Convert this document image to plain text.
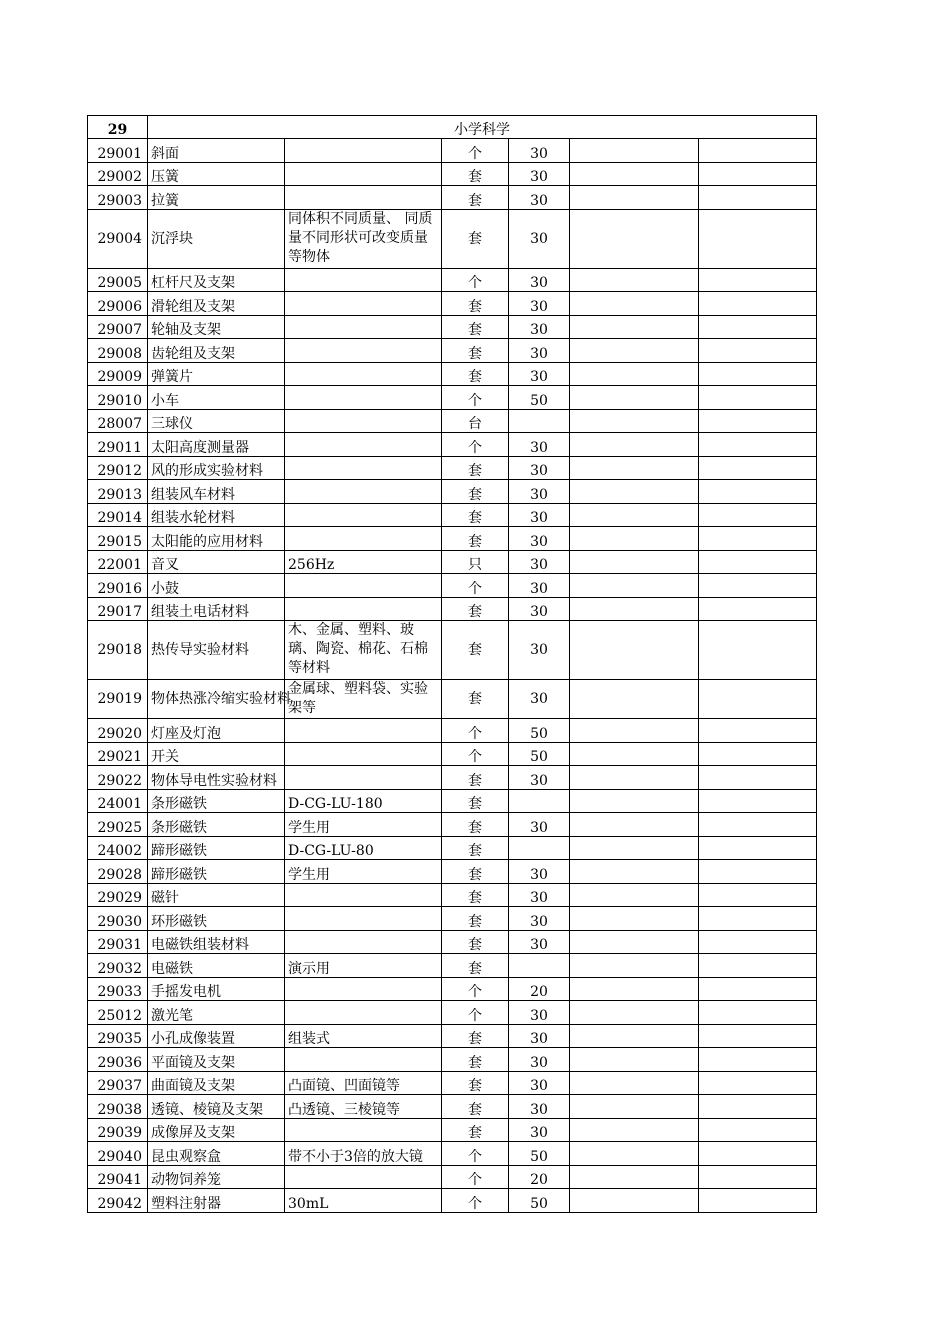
29	小学科学					
29001	斜面		个	30		
29002	压簧		套	30		
29003	拉簧		套	30		
29004	沉浮块	同体积不同质量、 同质量不同形状可改变质量等物体	套	30		
29005	杠杆尺及支架		个	30		
29006	滑轮组及支架		套	30		
29007	轮轴及支架		套	30		
29008	齿轮组及支架		套	30		
29009	弹簧片		套	30		
29010	小车		个	50		
28007	三球仪		台			
29011	太阳高度测量器		个	30		
29012	风的形成实验材料		套	30		
29013	组装风车材料		套	30		
29014	组装水轮材料		套	30		
29015	太阳能的应用材料		套	30		
22001	音叉	256Hz	只	30		
29016	小鼓		个	30		
29017	组装土电话材料		套	30		
29018	热传导实验材料	木、金属、塑料、玻璃、陶瓷、棉花、石棉等材料	套	30		
29019	物体热涨冷缩实验材料	金属球、塑料袋、实验架等	套	30		
29020	灯座及灯泡		个	50		
29021	开关		个	50		
29022	物体导电性实验材料		套	30		
24001	条形磁铁	D-CG-LU-180	套			
29025	条形磁铁	学生用	套	30		
24002	蹄形磁铁	D-CG-LU-80	套			
29028	蹄形磁铁	学生用	套	30		
29029	磁针		套	30		
29030	环形磁铁		套	30		
29031	电磁铁组装材料		套	30		
29032	电磁铁	演示用	套			
29033	手摇发电机		个	20		
25012	激光笔		个	30		
29035	小孔成像装置	组装式	套	30		
29036	平面镜及支架		套	30		
29037	曲面镜及支架	凸面镜、凹面镜等	套	30		
29038	透镜、棱镜及支架	凸透镜、三棱镜等	套	30		
29039	成像屏及支架		套	30		
29040	昆虫观察盒	带不小于3倍的放大镜	个	50		
29041	动物饲养笼		个	20		
29042	塑料注射器	30mL	个	50		
